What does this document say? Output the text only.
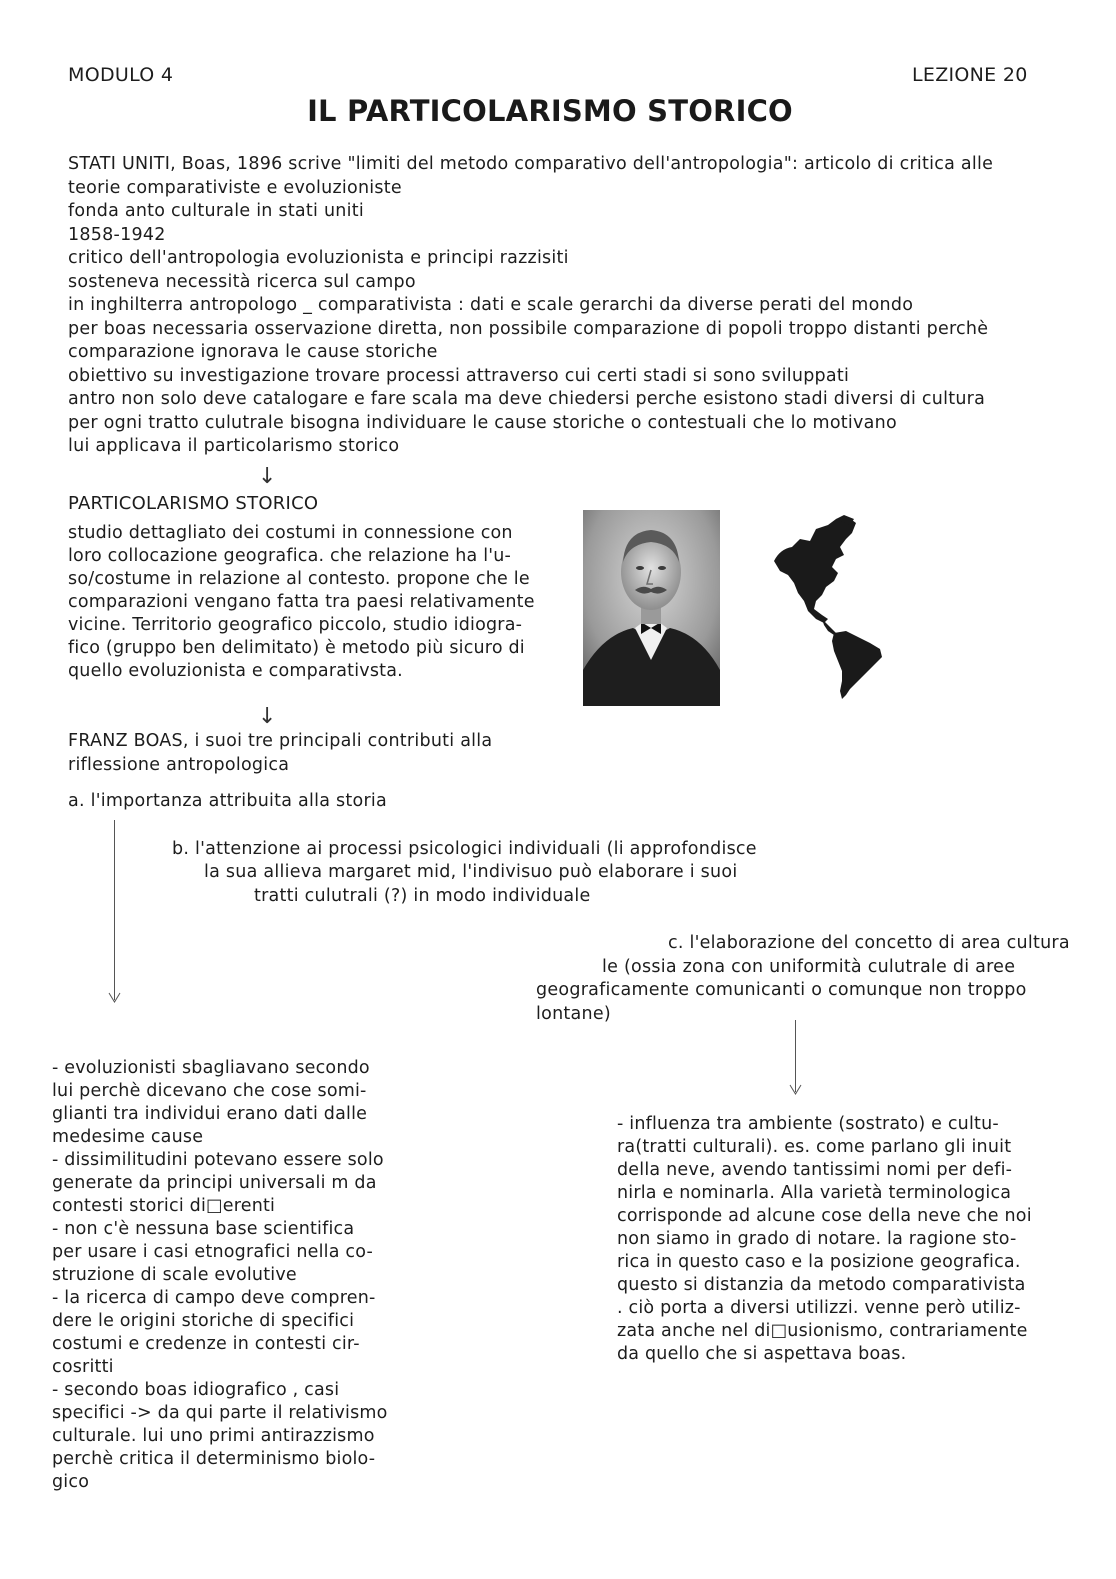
MODULO 4	LEZIONE 20
IL PARTICOLARISMO STORICO
STATI UNITI, Boas, 1896 scrive "limiti del metodo comparativo dell'antropologia": articolo di critica alle
teorie comparativiste e evoluzioniste
fonda anto culturale in stati uniti
1858-1942
critico dell'antropologia evoluzionista e principi razzisiti
sosteneva necessità ricerca sul campo
in inghilterra antropologo _ comparativista : dati e scale gerarchi da diverse perati del mondo
per boas necessaria osservazione diretta, non possibile comparazione di popoli troppo distanti perchè
comparazione ignorava le cause storiche
obiettivo su investigazione trovare processi attraverso cui certi stadi si sono sviluppati
antro non solo deve catalogare e fare scala ma deve chiedersi perche esistono stadi diversi di cultura
per ogni tratto culutrale bisogna individuare le cause storiche o contestuali che lo motivano
lui applicava il particolarismo storico
↓
PARTICOLARISMO STORICO
studio dettagliato dei costumi in connessione con
loro collocazione geografica. che relazione ha l'u-
so/costume in relazione al contesto. propone che le
comparazioni vengano fatta tra paesi relativamente
vicine. Territorio geografico piccolo, studio idiogra-
fico (gruppo ben delimitato) è metodo più sicuro di
quello evoluzionista e comparativsta.
↓
FRANZ BOAS, i suoi tre principali contributi alla
riflessione antropologica
a. l'importanza attribuita alla storia
b. l'attenzione ai processi psicologici individuali (li approfondisce
la sua allieva margaret mid, l'indivisuo può elaborare i suoi
tratti culutrali (?) in modo individuale
c. l'elaborazione del concetto di area cultura
le (ossia zona con uniformità culutrale di aree
geograficamente comunicanti o comunque non troppo
lontane)
- evoluzionisti sbagliavano secondo
lui perchè dicevano che cose somi-
glianti tra individui erano dati dalle
medesime cause
- dissimilitudini potevano essere solo
generate da principi universali m da
contesti storici di□erenti
- non c'è nessuna base scientifica
per usare i casi etnografici nella co-
struzione di scale evolutive
- la ricerca di campo deve compren-
dere le origini storiche di specifici
costumi e credenze in contesti cir-
cosritti
- secondo boas idiografico , casi
specifici -> da qui parte il relativismo
culturale. lui uno primi antirazzismo
perchè critica il determinismo biolo-
gico
- influenza tra ambiente (sostrato) e cultu-
ra(tratti culturali). es. come parlano gli inuit
della neve, avendo tantissimi nomi per defi-
nirla e nominarla. Alla varietà terminologica
corrisponde ad alcune cose della neve che noi
non siamo in grado di notare. la ragione sto-
rica in questo caso e la posizione geografica.
questo si distanzia da metodo comparativista
. ciò porta a diversi utilizzi. venne però utiliz-
zata anche nel di□usionismo, contrariamente
da quello che si aspettava boas.
